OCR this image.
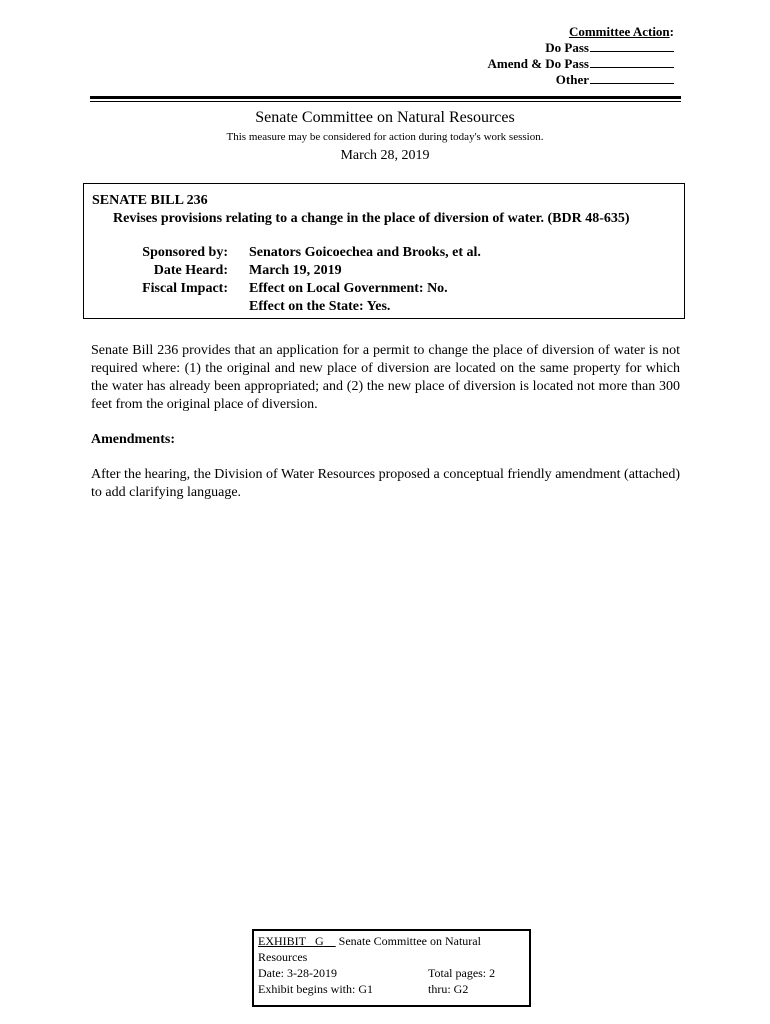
Committee Action:
Do Pass
Amend & Do Pass
Other
Senate Committee on Natural Resources
This measure may be considered for action during today's work session.
March 28, 2019
SENATE BILL 236
Revises provisions relating to a change in the place of diversion of water. (BDR 48-635)
Sponsored by: Senators Goicoechea and Brooks, et al.
Date Heard: March 19, 2019
Fiscal Impact: Effect on Local Government: No.
Effect on the State: Yes.

Senate Bill 236 provides that an application for a permit to change the place of diversion of water is not required where: (1) the original and new place of diversion are located on the same property for which the water has already been appropriated; and (2) the new place of diversion is located not more than 300 feet from the original place of diversion.

Amendments:

After the hearing, the Division of Water Resources proposed a conceptual friendly amendment (attached) to add clarifying language.

EXHIBIT G Senate Committee on Natural Resources
Date: 3-28-2019	Total pages: 2
Exhibit begins with: G1	thru: G2
